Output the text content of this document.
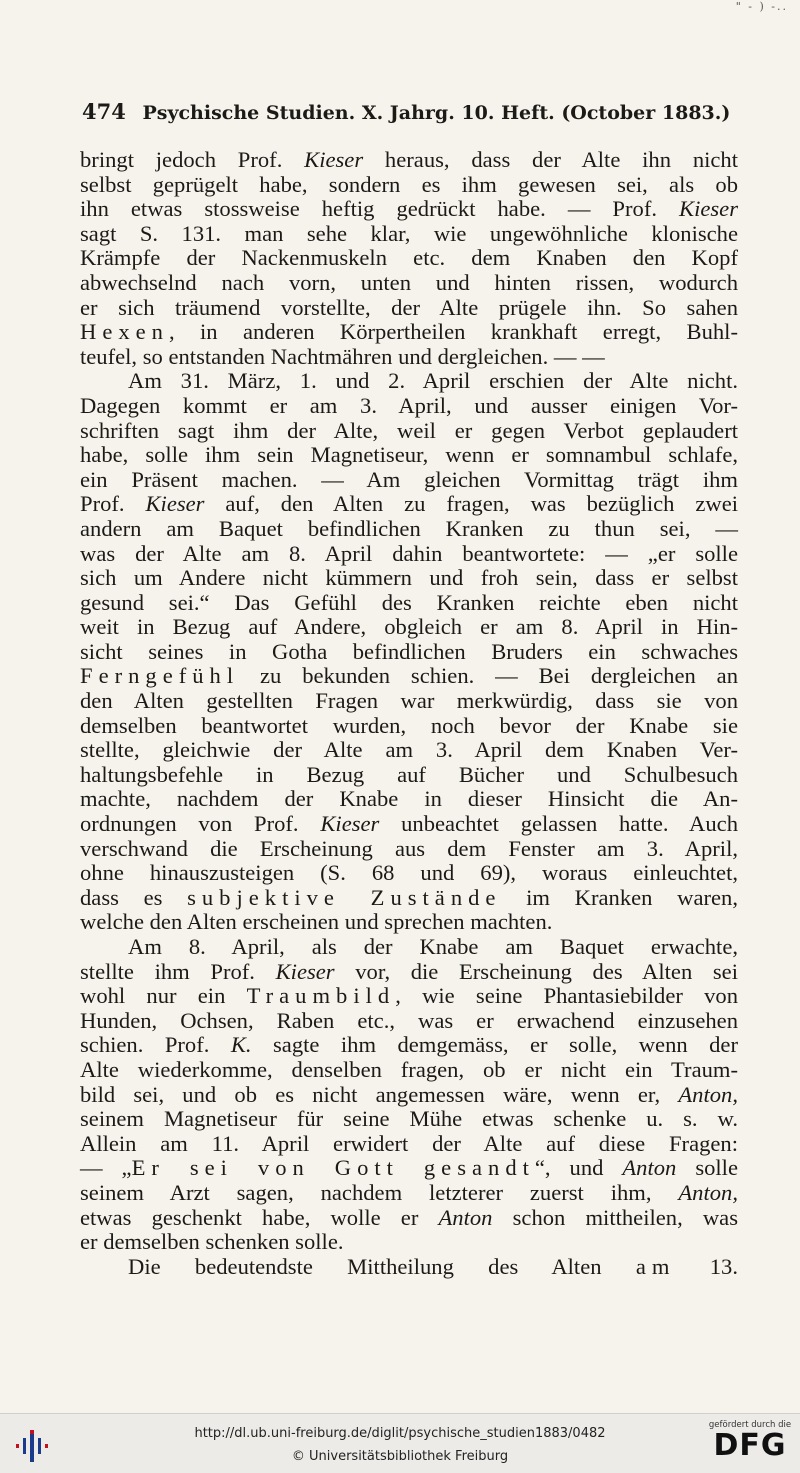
" - ) -..
474 Psychische Studien. X. Jahrg. 10. Heft. (October 1883.)

bringt jedoch Prof. Kieser heraus, dass der Alte ihn nicht

selbst geprügelt habe, sondern es ihm gewesen sei, als ob

ihn etwas stossweise heftig gedrückt habe. — Prof. Kieser

sagt S. 131. man sehe klar, wie ungewöhnliche klonische

Krämpfe der Nackenmuskeln etc. dem Knaben den Kopf

abwechselnd nach vorn, unten und hinten rissen, wodurch

er sich träumend vorstellte, der Alte prügele ihn. So sahen

Hexen, in anderen Körpertheilen krankhaft erregt, Buhl-

teufel, so entstanden Nachtmähren und dergleichen. — —

Am 31. März, 1. und 2. April erschien der Alte nicht.

Dagegen kommt er am 3. April, und ausser einigen Vor-

schriften sagt ihm der Alte, weil er gegen Verbot geplaudert

habe, solle ihm sein Magnetiseur, wenn er somnambul schlafe,

ein Präsent machen. — Am gleichen Vormittag trägt ihm

Prof. Kieser auf, den Alten zu fragen, was bezüglich zwei

andern am Baquet befindlichen Kranken zu thun sei, —

was der Alte am 8. April dahin beantwortete: — „er solle

sich um Andere nicht kümmern und froh sein, dass er selbst

gesund sei.“ Das Gefühl des Kranken reichte eben nicht

weit in Bezug auf Andere, obgleich er am 8. April in Hin-

sicht seines in Gotha befindlichen Bruders ein schwaches

Ferngefühl zu bekunden schien. — Bei dergleichen an

den Alten gestellten Fragen war merkwürdig, dass sie von

demselben beantwortet wurden, noch bevor der Knabe sie

stellte, gleichwie der Alte am 3. April dem Knaben Ver-

haltungsbefehle in Bezug auf Bücher und Schulbesuch

machte, nachdem der Knabe in dieser Hinsicht die An-

ordnungen von Prof. Kieser unbeachtet gelassen hatte. Auch

verschwand die Erscheinung aus dem Fenster am 3. April,

ohne hinauszusteigen (S. 68 und 69), woraus einleuchtet,

dass es subjektive Zustände im Kranken waren,

welche den Alten erscheinen und sprechen machten.

Am 8. April, als der Knabe am Baquet erwachte,

stellte ihm Prof. Kieser vor, die Erscheinung des Alten sei

wohl nur ein Traumbild, wie seine Phantasiebilder von

Hunden, Ochsen, Raben etc., was er erwachend einzusehen

schien. Prof. K. sagte ihm demgemäss, er solle, wenn der

Alte wiederkomme, denselben fragen, ob er nicht ein Traum-

bild sei, und ob es nicht angemessen wäre, wenn er, Anton,

seinem Magnetiseur für seine Mühe etwas schenke u. s. w.

Allein am 11. April erwidert der Alte auf diese Fragen:

— „Er sei von Gott gesandt“, und Anton solle

seinem Arzt sagen, nachdem letzterer zuerst ihm, Anton,

etwas geschenkt habe, wolle er Anton schon mittheilen, was

er demselben schenken solle.

Die bedeutendste Mittheilung des Alten am 13.

http://dl.ub.uni-freiburg.de/diglit/psychische_studien1883/0482
© Universitätsbibliothek Freiburg
gefördert durch die
DFG
